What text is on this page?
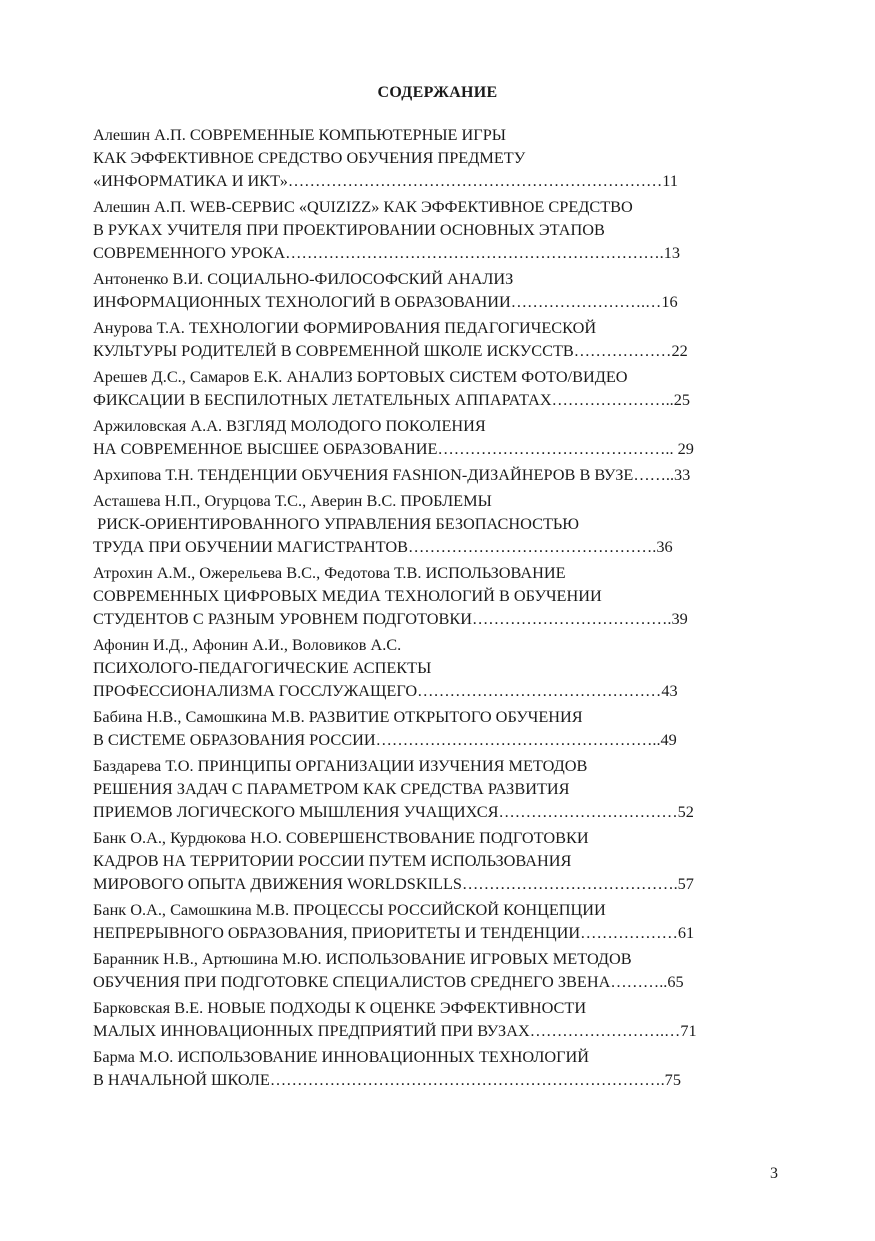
СОДЕРЖАНИЕ
Алешин А.П. СОВРЕМЕННЫЕ КОМПЬЮТЕРНЫЕ ИГРЫ
КАК ЭФФЕКТИВНОЕ СРЕДСТВО ОБУЧЕНИЯ ПРЕДМЕТУ
«ИНФОРМАТИКА И ИКТ»……………………………………………………………11
Алешин А.П. WEB-СЕРВИС «QUIZIZZ» КАК ЭФФЕКТИВНОЕ СРЕДСТВО
В РУКАХ УЧИТЕЛЯ ПРИ ПРОЕКТИРОВАНИИ ОСНОВНЫХ ЭТАПОВ
СОВРЕМЕННОГО УРОКА…………………………………………………………….13
Антоненко В.И. СОЦИАЛЬНО-ФИЛОСОФСКИЙ АНАЛИЗ
ИНФОРМАЦИОННЫХ ТЕХНОЛОГИЙ В ОБРАЗОВАНИИ…………………….…16
Анурова Т.А. ТЕХНОЛОГИИ ФОРМИРОВАНИЯ ПЕДАГОГИЧЕСКОЙ
КУЛЬТУРЫ РОДИТЕЛЕЙ В СОВРЕМЕННОЙ ШКОЛЕ ИСКУССТВ………………22
Арешев Д.С., Самаров Е.К. АНАЛИЗ БОРТОВЫХ СИСТЕМ ФОТО/ВИДЕО
ФИКСАЦИИ В БЕСПИЛОТНЫХ ЛЕТАТЕЛЬНЫХ АППАРАТАХ…………………..25
Аржиловская А.А. ВЗГЛЯД МОЛОДОГО ПОКОЛЕНИЯ
НА СОВРЕМЕННОЕ ВЫСШЕЕ ОБРАЗОВАНИЕ…………………………………….. 29
Архипова Т.Н. ТЕНДЕНЦИИ ОБУЧЕНИЯ FASHION-ДИЗАЙНЕРОВ В ВУЗЕ……..33
Асташева Н.П., Огурцова Т.С., Аверин В.С. ПРОБЛЕМЫ
РИСК-ОРИЕНТИРОВАННОГО УПРАВЛЕНИЯ БЕЗОПАСНОСТЬЮ
ТРУДА ПРИ ОБУЧЕНИИ МАГИСТРАНТОВ……………………………………….36
Атрохин А.М., Ожерельева В.С., Федотова Т.В. ИСПОЛЬЗОВАНИЕ
СОВРЕМЕННЫХ ЦИФРОВЫХ МЕДИА ТЕХНОЛОГИЙ В ОБУЧЕНИИ
СТУДЕНТОВ С РАЗНЫМ УРОВНЕМ ПОДГОТОВКИ……………………………….39
Афонин И.Д., Афонин А.И., Воловиков А.С.
ПСИХОЛОГО-ПЕДАГОГИЧЕСКИЕ АСПЕКТЫ
ПРОФЕССИОНАЛИЗМА ГОССЛУЖАЩЕГО………………………………………43
Бабина Н.В., Самошкина М.В. РАЗВИТИЕ ОТКРЫТОГО ОБУЧЕНИЯ
В СИСТЕМЕ ОБРАЗОВАНИЯ РОССИИ……………………………………………..49
Баздарева Т.О. ПРИНЦИПЫ ОРГАНИЗАЦИИ ИЗУЧЕНИЯ МЕТОДОВ
РЕШЕНИЯ ЗАДАЧ С ПАРАМЕТРОМ КАК СРЕДСТВА РАЗВИТИЯ
ПРИЕМОВ ЛОГИЧЕСКОГО МЫШЛЕНИЯ УЧАЩИХСЯ……………………………52
Банк О.А., Курдюкова Н.О. СОВЕРШЕНСТВОВАНИЕ ПОДГОТОВКИ
КАДРОВ НА ТЕРРИТОРИИ РОССИИ ПУТЕМ ИСПОЛЬЗОВАНИЯ
МИРОВОГО ОПЫТА ДВИЖЕНИЯ WORLDSKILLS………………………………….57
Банк О.А., Самошкина М.В. ПРОЦЕССЫ РОССИЙСКОЙ КОНЦЕПЦИИ
НЕПРЕРЫВНОГО ОБРАЗОВАНИЯ, ПРИОРИТЕТЫ И ТЕНДЕНЦИИ………………61
Баранник Н.В., Артюшина М.Ю. ИСПОЛЬЗОВАНИЕ ИГРОВЫХ МЕТОДОВ
ОБУЧЕНИЯ ПРИ ПОДГОТОВКЕ СПЕЦИАЛИСТОВ СРЕДНЕГО ЗВЕНА………..65
Барковская В.Е. НОВЫЕ ПОДХОДЫ К ОЦЕНКЕ ЭФФЕКТИВНОСТИ
МАЛЫХ ИННОВАЦИОННЫХ ПРЕДПРИЯТИЙ ПРИ ВУЗАХ…………………….…71
Барма М.О. ИСПОЛЬЗОВАНИЕ ИННОВАЦИОННЫХ ТЕХНОЛОГИЙ
В НАЧАЛЬНОЙ ШКОЛЕ……………………………………………………………….75
3
